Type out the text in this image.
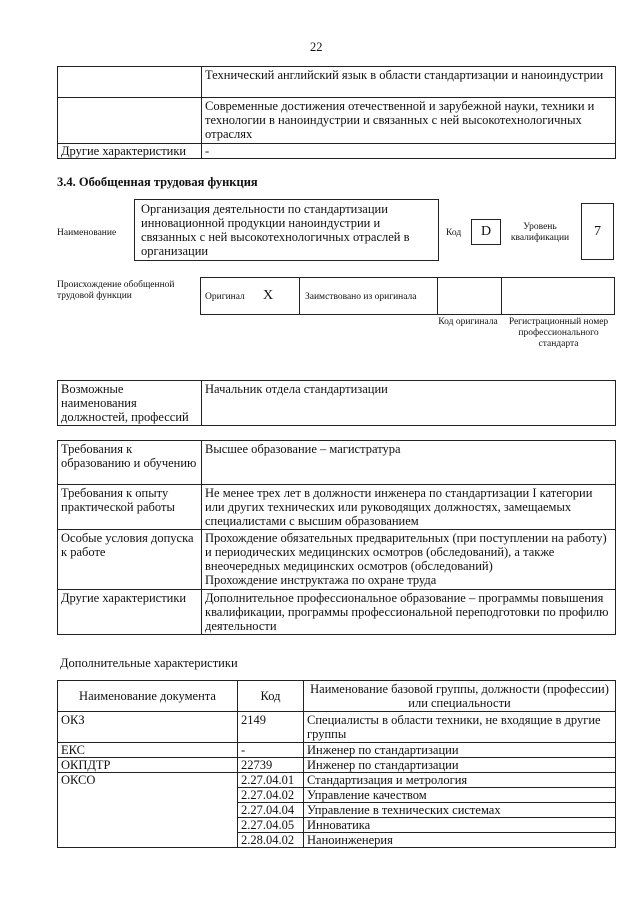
22
	Технический английский язык в области стандартизации и наноиндустрии
	Современные достижения отечественной и зарубежной науки, техники и технологии в наноиндустрии и связанных с ней высокотехнологичных отраслях
Другие характеристики	-
3.4. Обобщенная трудовая функция
Наименование
Организация деятельности по стандартизации инновационной продукции наноиндустрии и связанных с ней высокотехнологичных отраслей в организации
Код	D	Уровень квалификации	7
Происхождение обобщенной трудовой функции	Оригинал X	Заимствовано из оригинала
Код оригинала	Регистрационный номер профессионального стандарта
Возможные наименования должностей, профессий	Начальник отдела стандартизации
Требования к образованию и обучению	Высшее образование – магистратура
Требования к опыту практической работы	Не менее трех лет в должности инженера по стандартизации I категории или других технических или руководящих должностях, замещаемых специалистами с высшим образованием
Особые условия допуска к работе	Прохождение обязательных предварительных (при поступлении на работу) и периодических медицинских осмотров (обследований), а также внеочередных медицинских осмотров (обследований)
Прохождение инструктажа по охране труда

Другие характеристики	Дополнительное профессиональное образование – программы повышения квалификации, программы профессиональной переподготовки по профилю деятельности
Дополнительные характеристики
Наименование документа	Код	Наименование базовой группы, должности (профессии) или специальности
ОКЗ	2149	Специалисты в области техники, не входящие в другие группы
ЕКС	-	Инженер по стандартизации
ОКПДТР	22739	Инженер по стандартизации
ОКСО	2.27.04.01	Стандартизация и метрология
	2.27.04.02	Управление качеством
	2.27.04.04	Управление в технических системах
	2.27.04.05	Инноватика
	2.28.04.02	Наноинженерия
